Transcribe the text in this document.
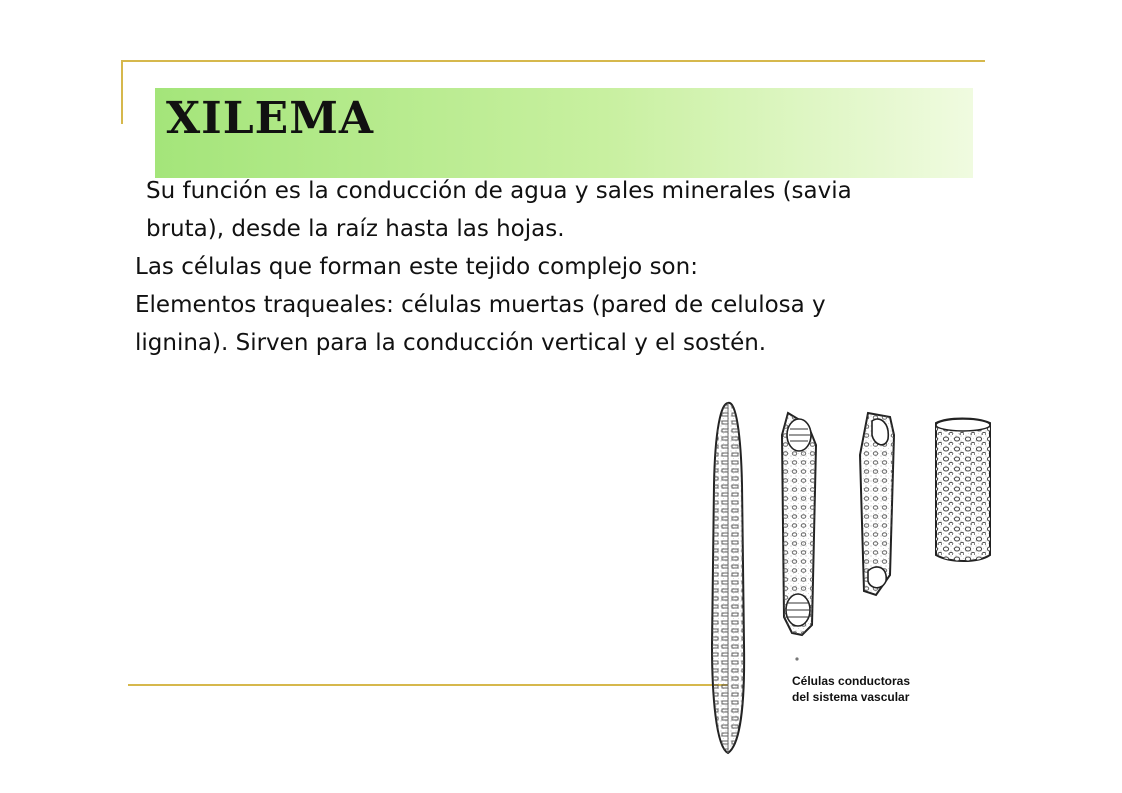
XILEMA

Su función es la conducción de agua y sales minerales (savia bruta), desde la raíz hasta las hojas.

Las células que forman este tejido complejo son:

Elementos traqueales: células muertas (pared de celulosa y lignina). Sirven para la conducción vertical y el sostén.

Células conductoras
del sistema vascular
